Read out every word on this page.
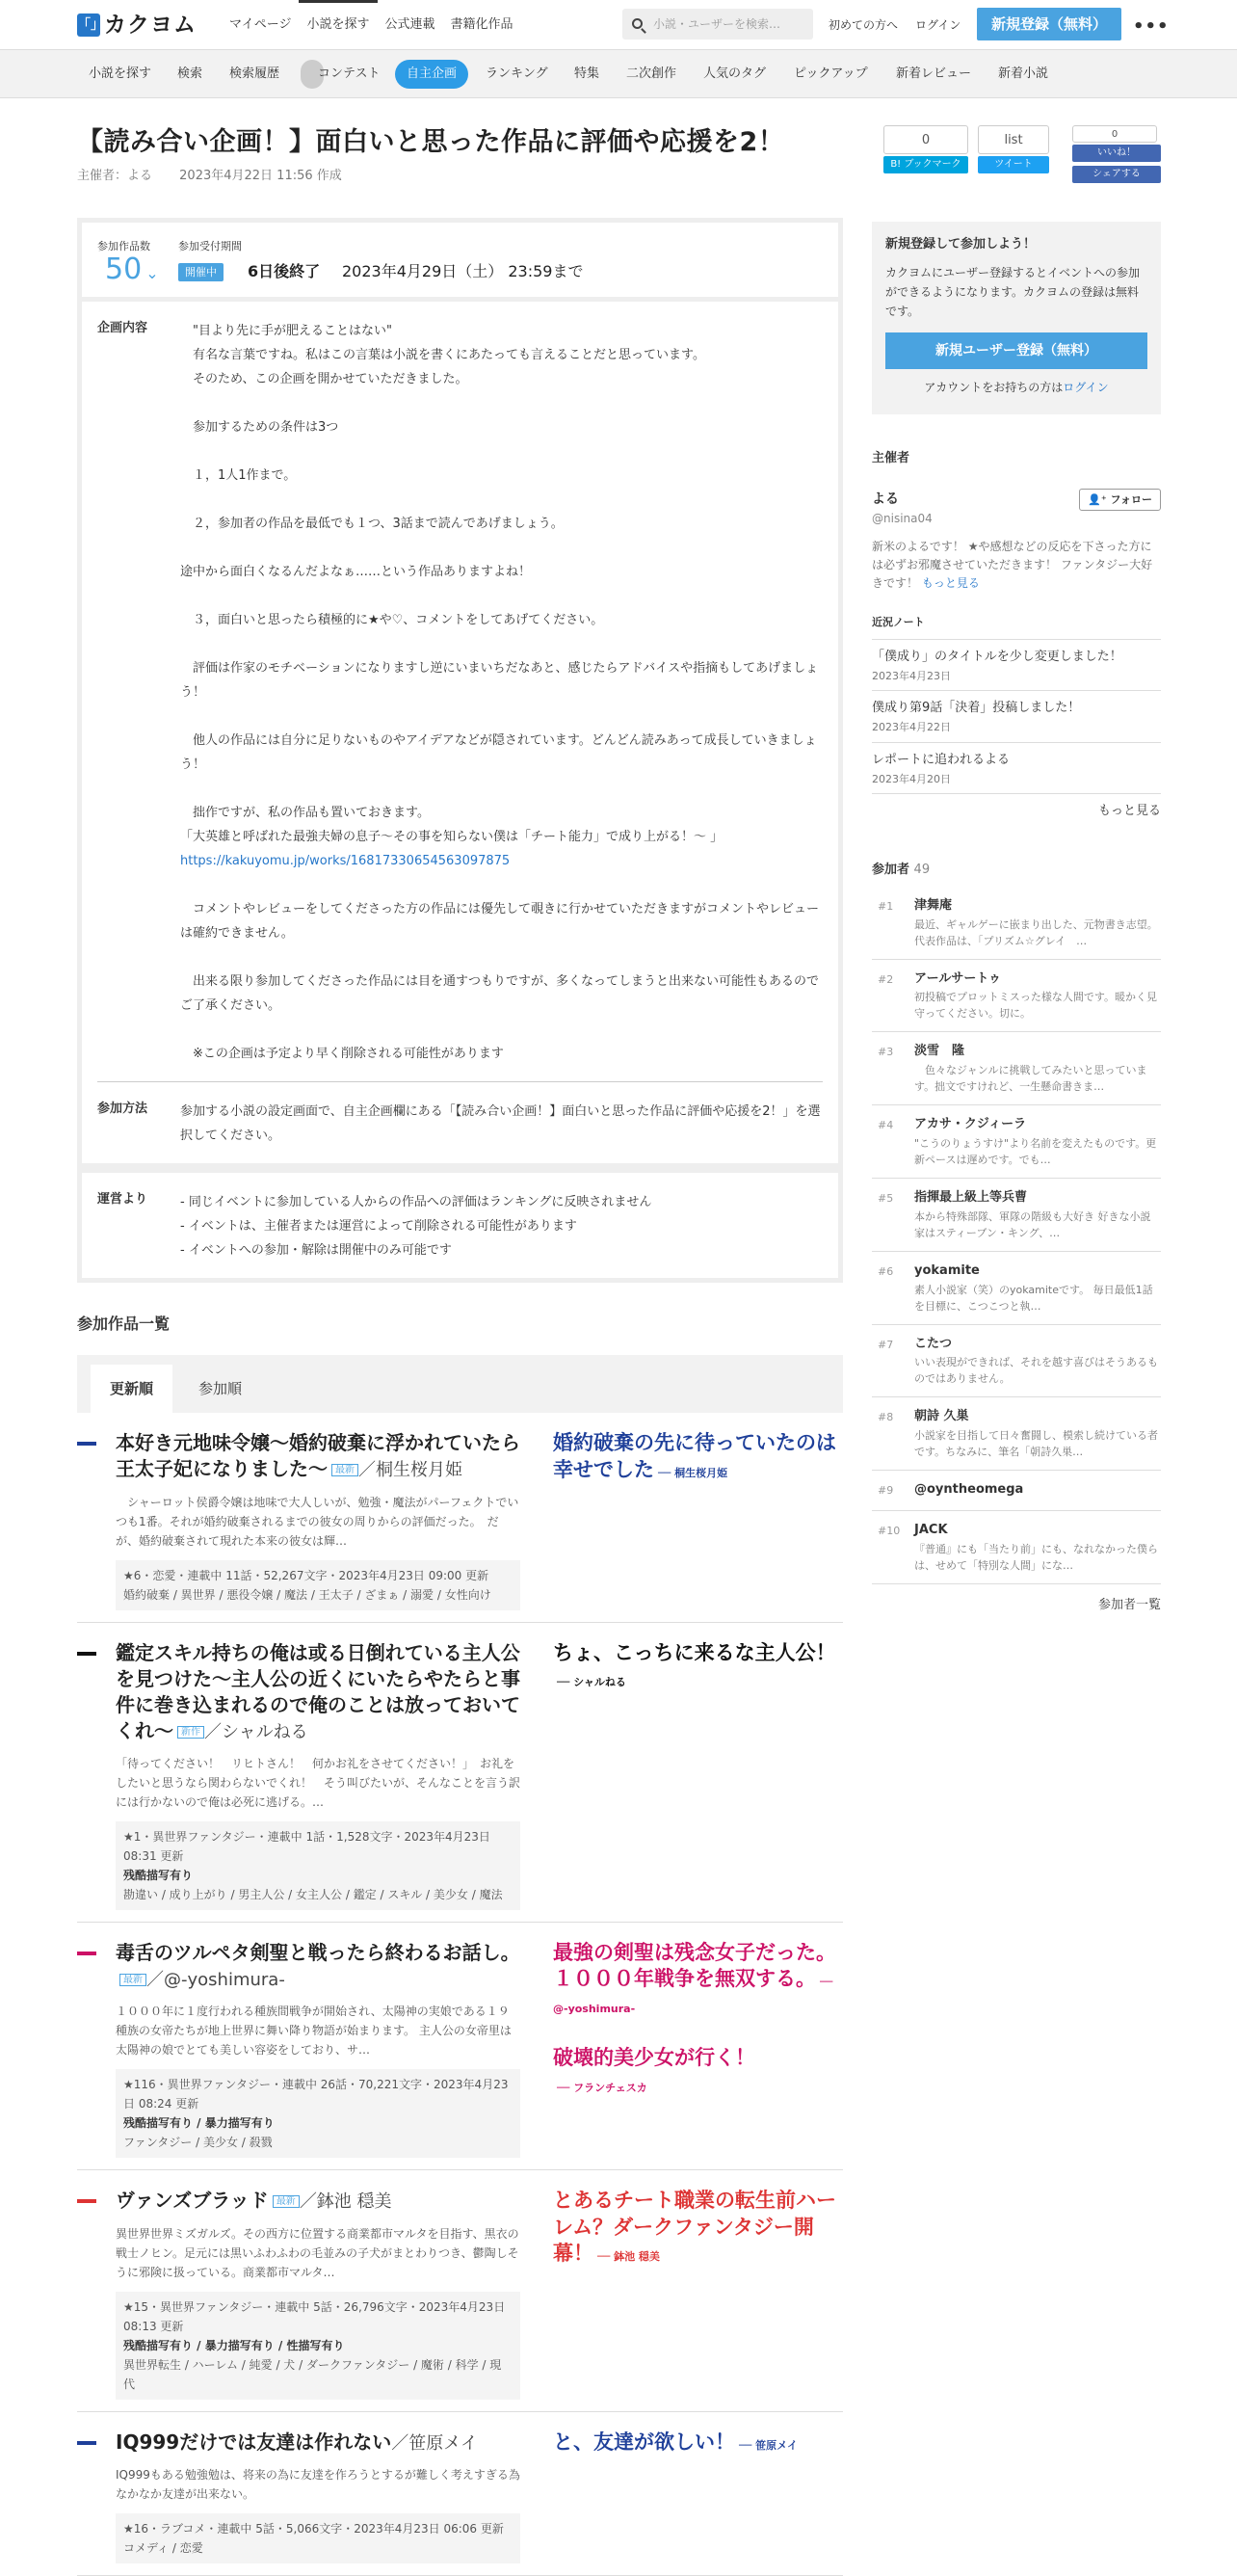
「」 カクヨム	マイページ	小説を探す	公式連載	書籍化作品	小説・ユーザーを検索…	初めての方へ ログイン	新規登録（無料）	•••
小説を探す	検索	検索履歴	コンテスト	自主企画	ランキング	特集	二次創作	人気のタグ	ピックアップ	新着レビュー	新着小説
【読み合い企画！】面白いと思った作品に評価や応援を2！
主催者：よる 2023年4月22日 11:56 作成
参加作品数
50 ⌄
参加受付期間
開催中	6日後終了 2023年4月29日（土） 23:59まで
企画内容	　"目より先に手が肥えることはない"

　有名な言葉ですね。私はこの言葉は小説を書くにあたっても言えることだと思っています。

　そのため、この企画を開かせていただきました。

　参加するための条件は3つ

　１，1人1作まで。

　２，参加者の作品を最低でも１つ、3話まで読んであげましょう。

途中から面白くなるんだよなぁ……という作品ありますよね！

　３，面白いと思ったら積極的に★や♡、コメントをしてあげてください。

　評価は作家のモチベーションになりますし逆にいまいちだなあと、感じたらアドバイスや指摘もしてあげましょう！

　他人の作品には自分に足りないものやアイデアなどが隠されています。どんどん読みあって成長していきましょう！

　拙作ですが、私の作品も置いておきます。

「大英雄と呼ばれた最強夫婦の息子～その事を知らない僕は「チート能力」で成り上がる！～ 」

https://kakuyomu.jp/works/16817330654563097875

　コメントやレビューをしてくださった方の作品には優先して覗きに行かせていただきますがコメントやレビューは確約できません。

　出来る限り参加してくださった作品には目を通すつもりですが、多くなってしまうと出来ない可能性もあるのでご了承ください。

　※この企画は予定より早く削除される可能性があります

参加方法	参加する小説の設定画面で、自主企画欄にある「【読み合い企画！】面白いと思った作品に評価や応援を2！」を選択してください。
運営より	- 同じイベントに参加している人からの作品への評価はランキングに反映されません
- イベントは、主催者または運営によって削除される可能性があります
- イベントへの参加・解除は開催中のみ可能です
参加作品一覧
更新順	参加順
本好き元地味令嬢〜婚約破棄に浮かれていたら王太子妃になりました〜 最新 ／桐生桜月姫
　シャーロット侯爵令嬢は地味で大人しいが、勉強・魔法がパーフェクトでいつも1番。それが婚約破棄されるまでの彼女の周りからの評価だった。　だが、婚約破棄されて現れた本来の彼女は輝…
★6・恋愛・連載中 11話・52,267文字・2023年4月23日 09:00 更新
婚約破棄 / 異世界 / 悪役令嬢 / 魔法 / 王太子 / ざまぁ / 溺愛 / 女性向け
婚約破棄の先に待っていたのは幸せでした ── 桐生桜月姫
鑑定スキル持ちの俺は或る日倒れている主人公を見つけた〜主人公の近くにいたらやたらと事件に巻き込まれるので俺のことは放っておいてくれ〜 新作 ／シャルねる
「待ってください！　リヒトさん！　何かお礼をさせてください！」　お礼をしたいと思うなら関わらないでくれ！　そう叫びたいが、そんなことを言う訳には行かないので俺は必死に逃げる。…
★1・異世界ファンタジー・連載中 1話・1,528文字・2023年4月23日 08:31 更新
残酷描写有り
勘違い / 成り上がり / 男主人公 / 女主人公 / 鑑定 / スキル / 美少女 / 魔法
ちょ、こっちに来るな主人公！── シャルねる
毒舌のツルペタ剣聖と戦ったら終わるお話し。最新 ／@-yoshimura-
１０００年に１度行われる種族間戦争が開始され、太陽神の実娘である１９種族の女帝たちが地上世界に舞い降り物語が始まります。 主人公の女帝里は太陽神の娘でとても美しい容姿をしており、サ…
★116・異世界ファンタジー・連載中 26話・70,221文字・2023年4月23日 08:24 更新
残酷描写有り / 暴力描写有り
ファンタジー / 美少女 / 殺戮
最強の剣聖は残念女子だった。１０００年戦争を無双する。 ── @-yoshimura-

破壊的美少女が行く！
── フランチェスカ
ヴァンズブラッド 最新 ／鉢池 穏美
異世界世界ミズガルズ。その西方に位置する商業都市マルタを目指す、黒衣の戦士ノヒン。足元には黒いふわふわの毛並みの子犬がまとわりつき、鬱陶しそうに邪険に扱っている。商業都市マルタ…
★15・異世界ファンタジー・連載中 5話・26,796文字・2023年4月23日 08:13 更新
残酷描写有り / 暴力描写有り / 性描写有り
異世界転生 / ハーレム / 純愛 / 犬 / ダークファンタジー / 魔術 / 科学 / 現代
とあるチート職業の転生前ハーレム？ダークファンタジー開幕！ ── 鉢池 穏美
IQ999だけでは友達は作れない／笹原メイ
IQ999もある勉強勉は、将来の為に友達を作ろうとするが難しく考えすぎる為なかなか友達が出来ない。
★16・ラブコメ・連載中 5話・5,066文字・2023年4月23日 06:06 更新
コメディ / 恋愛
と、友達が欲しい！ ── 笹原メイ
0
B! ブックマーク
list
ツイート
0
いいね！
シェアする
新規登録して参加しよう！

カクヨムにユーザー登録するとイベントへの参加ができるようになります。カクヨムの登録は無料です。

新規ユーザー登録（無料）
アカウントをお持ちの方はログイン
主催者
よる	👤⁺ フォロー
@nisina04
新米のよるです！ ★や感想などの反応を下さった方には必ずお邪魔させていただきます！ ファンタジー大好きです！ もっと見る
近況ノート
「僕成り」のタイトルを少し変更しました！
2023年4月23日
僕成り第9話「決着」投稿しました！
2023年4月22日
レポートに追われるよる
2023年4月20日
もっと見る
参加者 49
#1 津舞庵
最近、ギャルゲーに嵌まり出した、元物書き志望。代表作品は、「プリズム☆グレイ　…
#2 アールサートゥ
初投稿でプロットミスった様な人間です。暖かく見守ってください。切に。
#3 淡雪　隆
　色々なジャンルに挑戦してみたいと思っています。拙文ですけれど、一生懸命書きま…
#4 アカサ・クジィーラ
"こうのりょうすけ"より名前を変えたものです。更新ペースは遅めです。でも…
#5 指揮最上級上等兵曹
本から特殊部隊、軍隊の階級も大好き 好きな小説家はスティーブン・キング、…
#6 yokamite
素人小説家（笑）のyokamiteです。 毎日最低1話を目標に、こつこつと執…
#7 こたつ
いい表現ができれば、それを越す喜びはそうあるものではありません。
#8 朝詩 久巣
小説家を目指して日々奮闘し、模索し続けている者です。ちなみに、筆名「朝詩久巣…
#9 @oyntheomega
#10 JACK
『普通』にも「当たり前」にも、なれなかった僕らは、せめて「特別な人間」にな…
参加者一覧
